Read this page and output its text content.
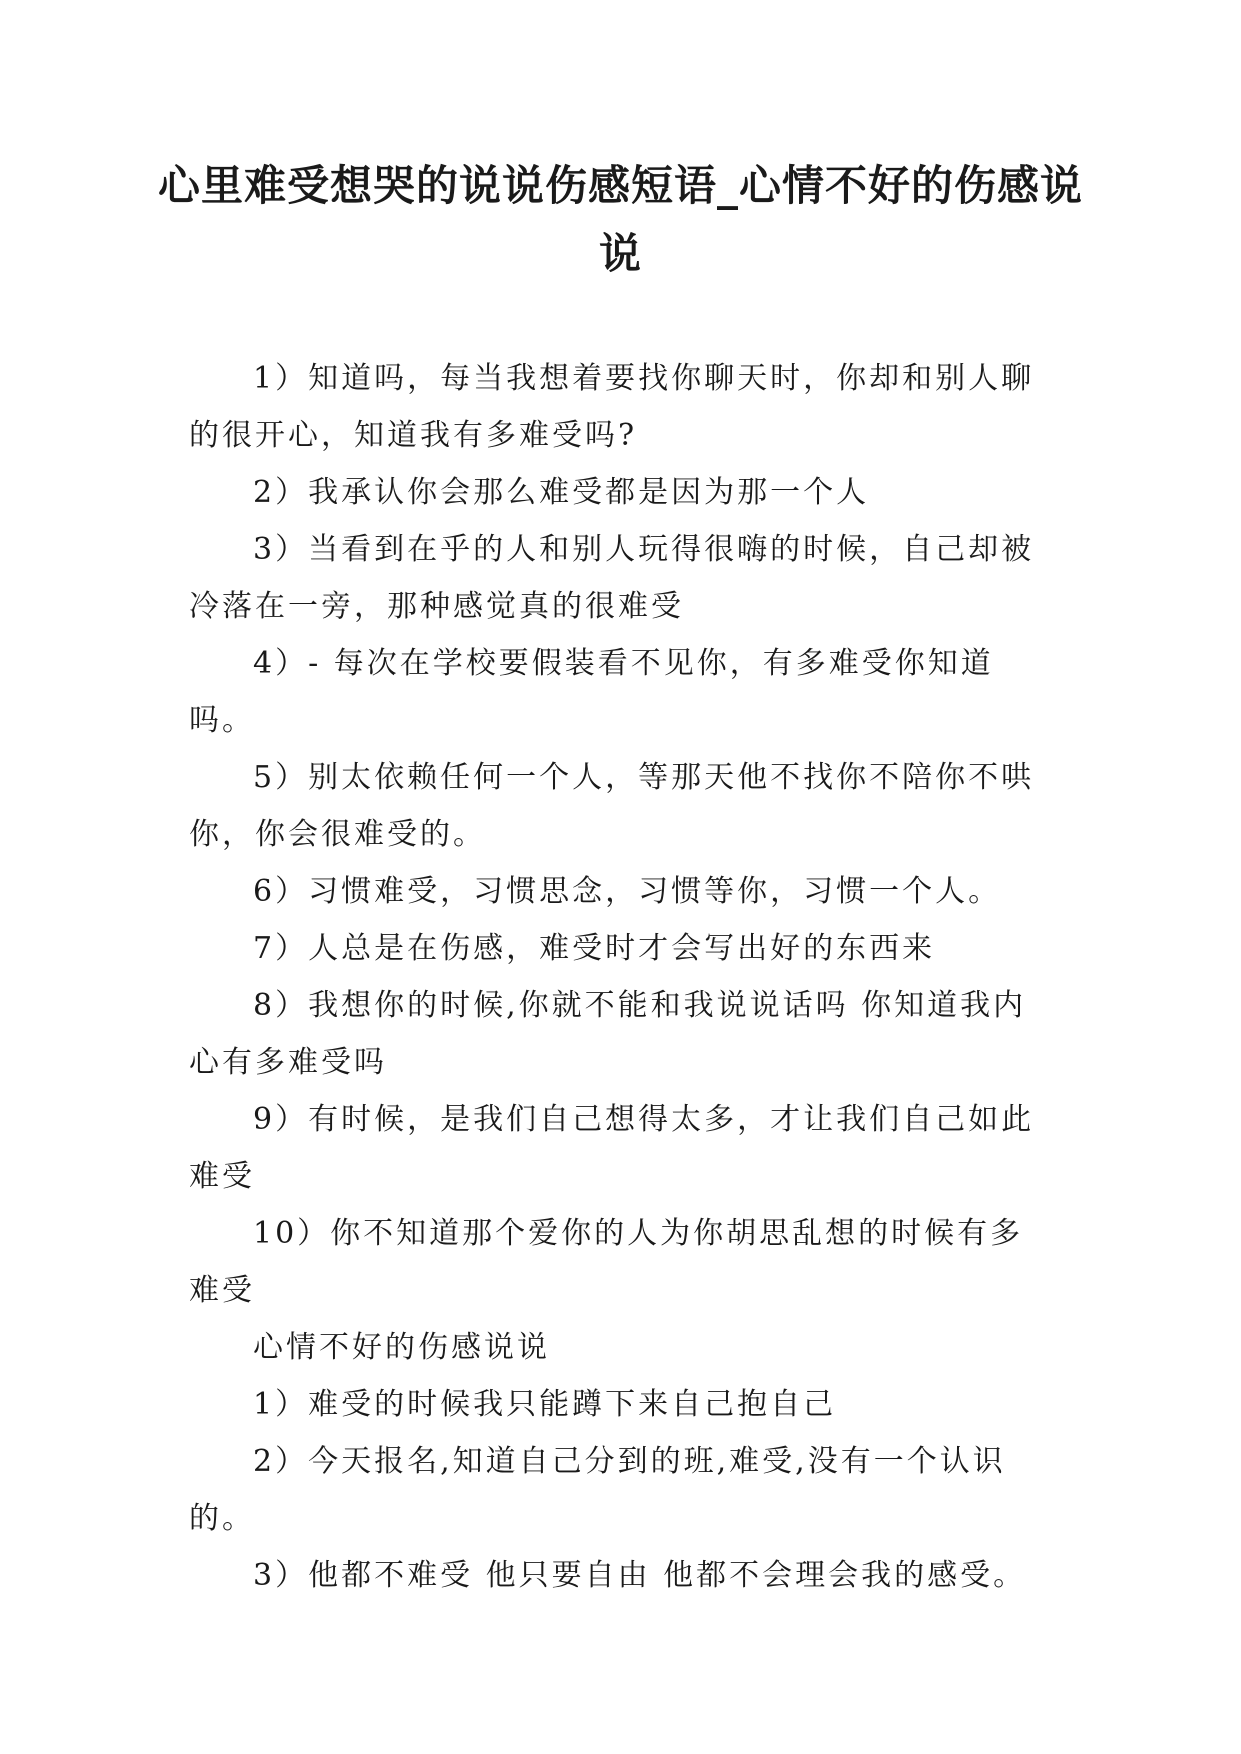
心里难受想哭的说说伤感短语_心情不好的伤感说说

1）知道吗，每当我想着要找你聊天时，你却和别人聊的很开心，知道我有多难受吗?

2）我承认你会那么难受都是因为那一个人

3）当看到在乎的人和别人玩得很嗨的时候，自己却被冷落在一旁，那种感觉真的很难受

4）- 每次在学校要假装看不见你，有多难受你知道吗。

5）别太依赖任何一个人，等那天他不找你不陪你不哄你，你会很难受的。

6）习惯难受，习惯思念，习惯等你，习惯一个人。

7）人总是在伤感，难受时才会写出好的东西来

8）我想你的时候,你就不能和我说说话吗 你知道我内心有多难受吗

9）有时候，是我们自己想得太多，才让我们自己如此难受

10）你不知道那个爱你的人为你胡思乱想的时候有多难受

心情不好的伤感说说

1）难受的时候我只能蹲下来自己抱自己

2）今天报名,知道自己分到的班,难受,没有一个认识的。

3）他都不难受 他只要自由 他都不会理会我的感受。
